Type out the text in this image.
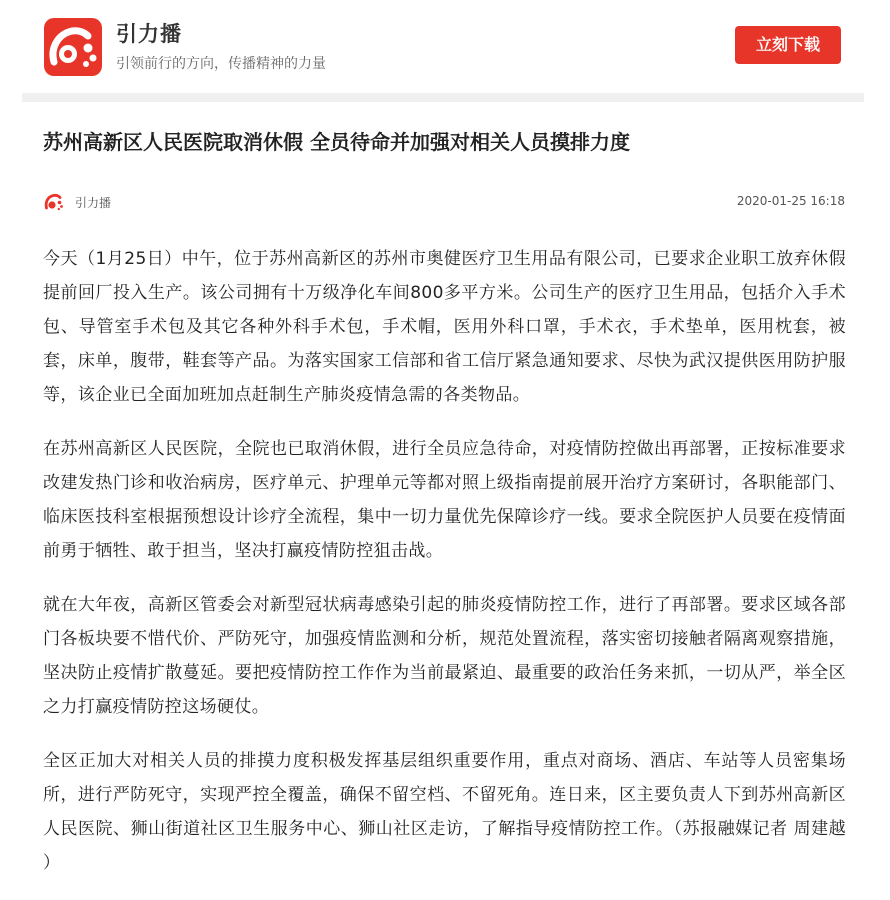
引力播
引领前行的方向，传播精神的力量
立刻下载
苏州高新区人民医院取消休假 全员待命并加强对相关人员摸排力度
引力播	2020-01-25 16:18

今天（1月25日）中午，位于苏州高新区的苏州市奥健医疗卫生用品有限公司，已要求企业职工放弃休假提前回厂投入生产。该公司拥有十万级净化车间800多平方米。公司生产的医疗卫生用品，包括介入手术包、导管室手术包及其它各种外科手术包，手术帽，医用外科口罩，手术衣，手术垫单，医用枕套，被套，床单，腹带，鞋套等产品。为落实国家工信部和省工信厅紧急通知要求、尽快为武汉提供医用防护服等，该企业已全面加班加点赶制生产肺炎疫情急需的各类物品。

在苏州高新区人民医院，全院也已取消休假，进行全员应急待命，对疫情防控做出再部署，正按标准要求改建发热门诊和收治病房，医疗单元、护理单元等都对照上级指南提前展开治疗方案研讨，各职能部门、临床医技科室根据预想设计诊疗全流程，集中一切力量优先保障诊疗一线。要求全院医护人员要在疫情面前勇于牺牲、敢于担当，坚决打赢疫情防控狙击战。

就在大年夜，高新区管委会对新型冠状病毒感染引起的肺炎疫情防控工作，进行了再部署。要求区域各部门各板块要不惜代价、严防死守，加强疫情监测和分析，规范处置流程，落实密切接触者隔离观察措施，坚决防止疫情扩散蔓延。要把疫情防控工作作为当前最紧迫、最重要的政治任务来抓，一切从严，举全区之力打赢疫情防控这场硬仗。

全区正加大对相关人员的排摸力度积极发挥基层组织重要作用，重点对商场、酒店、车站等人员密集场所，进行严防死守，实现严控全覆盖，确保不留空档、不留死角。连日来，区主要负责人下到苏州高新区人民医院、狮山街道社区卫生服务中心、狮山社区走访，了解指导疫情防控工作。（苏报融媒记者 周建越 ）
